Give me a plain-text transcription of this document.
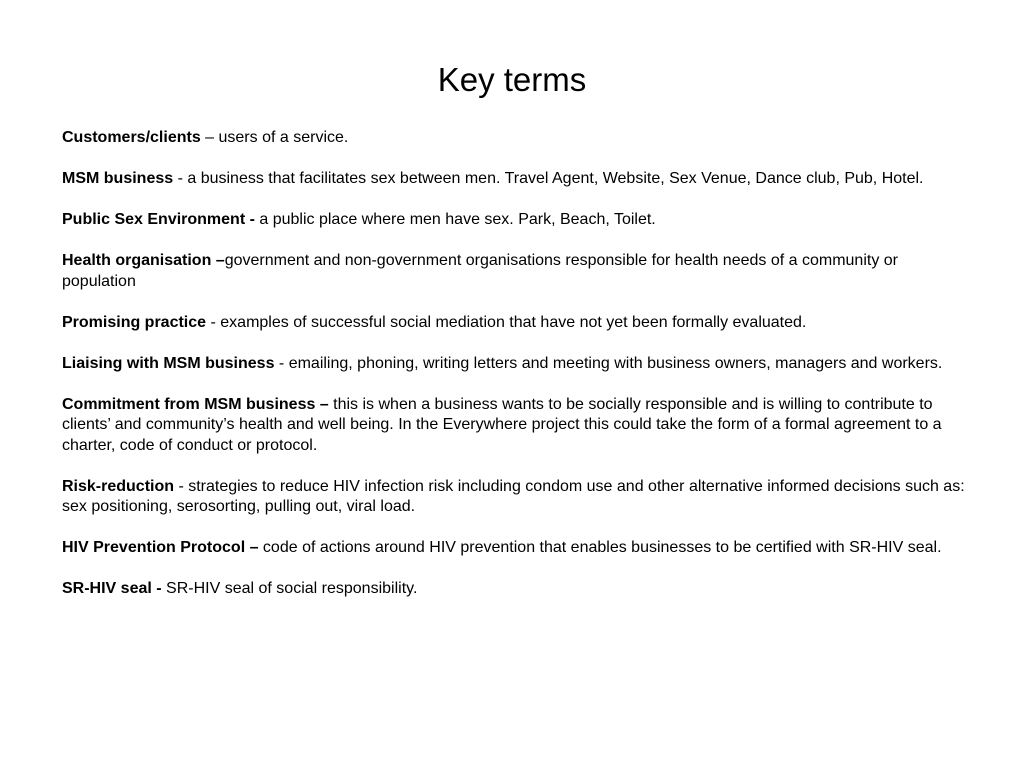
Key terms
Customers/clients – users of a service.
MSM business - a business that facilitates sex between men. Travel Agent, Website, Sex Venue, Dance club, Pub, Hotel.
Public Sex Environment - a public place where men have sex. Park, Beach, Toilet.
Health organisation –government and non-government organisations responsible for health needs of a community or population
Promising practice - examples of successful social mediation that have not yet been formally evaluated.
Liaising with MSM business - emailing, phoning, writing letters and meeting with business owners, managers and workers.
Commitment from MSM business – this is when a business wants to be socially responsible and is willing to contribute to clients’ and community’s health and well being. In the Everywhere project this could take the form of a formal agreement to a charter, code of conduct or protocol.
Risk-reduction - strategies to reduce HIV infection risk including condom use and other alternative informed decisions such as: sex positioning, serosorting, pulling out, viral load.
HIV Prevention Protocol – code of actions around HIV prevention that enables businesses to be certified with SR-HIV seal.
SR-HIV seal - SR-HIV seal of social responsibility.
